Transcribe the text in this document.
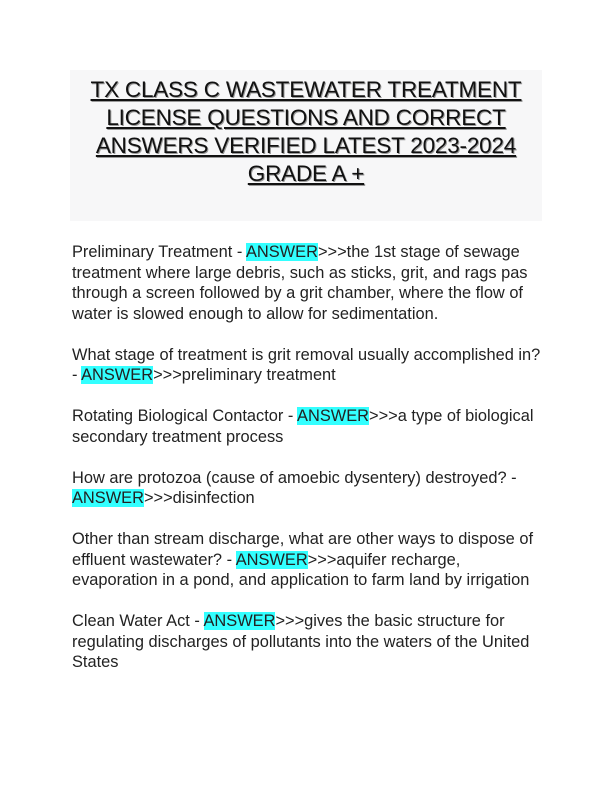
TX CLASS C WASTEWATER TREATMENT
LICENSE QUESTIONS AND CORRECT
ANSWERS VERIFIED LATEST 2023-2024
GRADE A +

Preliminary Treatment - ANSWER>>>the 1st stage of sewage treatment where large debris, such as sticks, grit, and rags pas through a screen followed by a grit chamber, where the flow of water is slowed enough to allow for sedimentation.

What stage of treatment is grit removal usually accomplished in? - ANSWER>>>preliminary treatment

Rotating Biological Contactor - ANSWER>>>a type of biological secondary treatment process

How are protozoa (cause of amoebic dysentery) destroyed? - ANSWER>>>disinfection

Other than stream discharge, what are other ways to dispose of effluent wastewater? - ANSWER>>>aquifer recharge, evaporation in a pond, and application to farm land by irrigation

Clean Water Act - ANSWER>>>gives the basic structure for regulating discharges of pollutants into the waters of the United States
